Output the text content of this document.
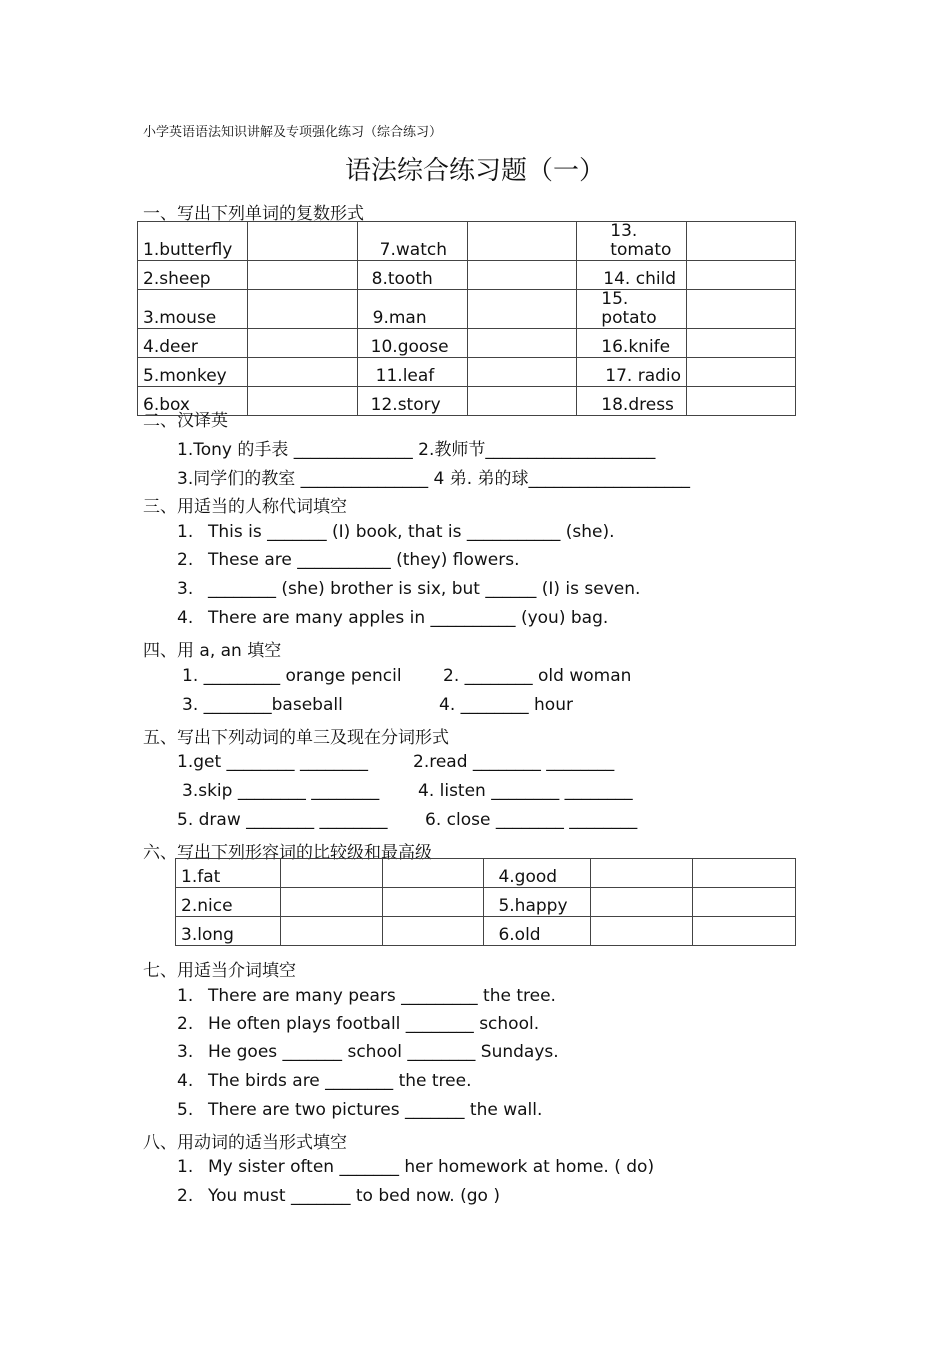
小学英语语法知识讲解及专项强化练习（综合练习）
语法综合练习题（一）
一、写出下列单词的复数形式
1.butterfly		7.watch		13. tomato	
2.sheep		8.tooth		14. child	
3.mouse		9.man		15. potato	
4.deer		10.goose		16.knife	
5.monkey		11.leaf		17. radio	
6.box		12.story		18.dress	
二、汉译英
1.Tony 的手表 ______________ 2.教师节____________________
3.同学们的教室 _______________ 4 弟. 弟的球___________________
三、用适当的人称代词填空
1. This is _______ (I) book, that is ___________ (she).
2. These are ___________ (they) flowers.
3. ________ (she) brother is six, but ______ (I) is seven.
4. There are many apples in __________ (you) bag.
四、用 a, an 填空
1. _________ orange pencil 2. ________ old woman
3. ________baseball	4. ________ hour
五、写出下列动词的单三及现在分词形式
1.get ________ ________	2.read ________ ________
3.skip ________ ________ 4. listen ________ ________
5. draw ________ ________ 6. close ________ ________
六、写出下列形容词的比较级和最高级
1.fat			4.good		
2.nice			5.happy		
3.long			6.old		
七、用适当介词填空
1. There are many pears _________ the tree.
2. He often plays football ________ school.
3. He goes _______ school ________ Sundays.
4. The birds are ________ the tree.
5. There are two pictures _______ the wall.
八、用动词的适当形式填空
1. My sister often _______ her homework at home. ( do)
2. You must _______ to bed now. (go )
